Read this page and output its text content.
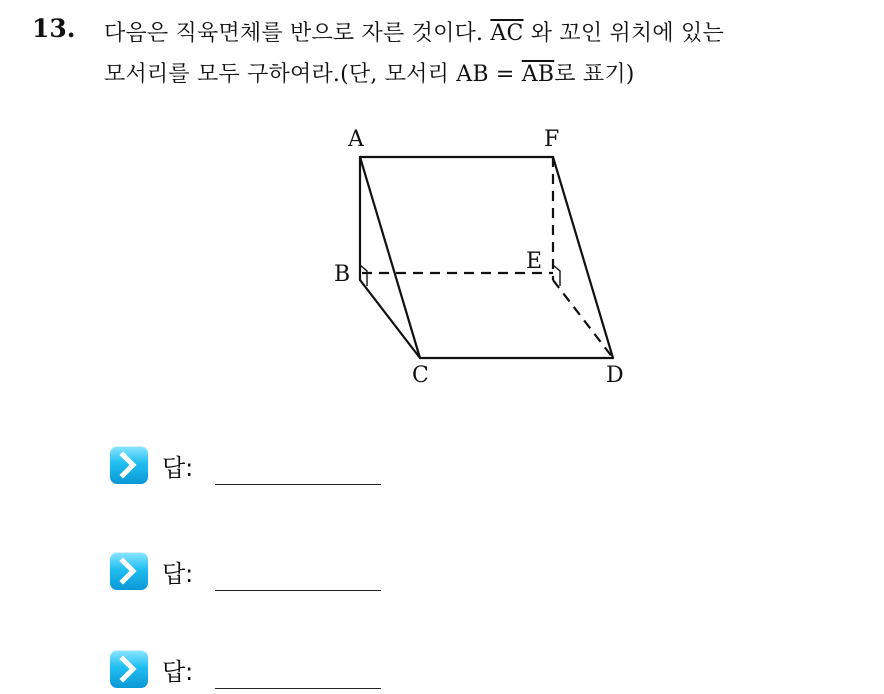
13. 다음은 직육면체를 반으로 자른 것이다. $\overline{AC}$ 와 꼬인 위치에 있는
모서리를 모두 구하여라.(단, 모서리 AB = $\overline{AB}$로 표기)
A	F
B
E
C	D
답:
답:
답:
